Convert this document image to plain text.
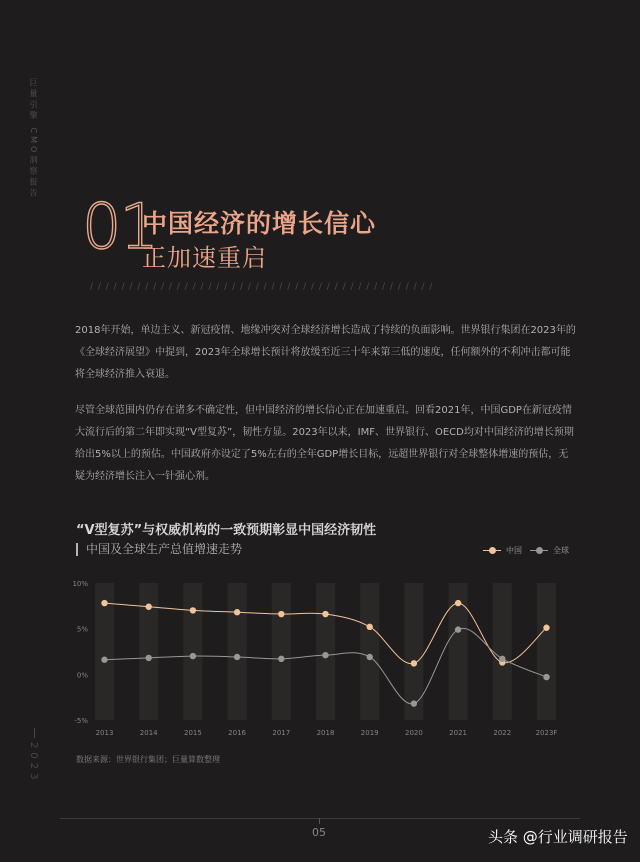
巨量引擎 CMO洞察报告
2023
01
中国经济的增长信心
正加速重启
/ / / / / / / / / / / / / / / / / / / / / / / / / / / / / / / / / / / / / / / / / / / /

2018年开始，单边主义、新冠疫情、地缘冲突对全球经济增长造成了持续的负面影响。世界银行集团在2023年的《全球经济展望》中提到，2023年全球增长预计将放缓至近三十年来第三低的速度，任何额外的不利冲击都可能将全球经济推入衰退。

尽管全球范围内仍存在诸多不确定性，但中国经济的增长信心正在加速重启。回看2021年，中国GDP在新冠疫情大流行后的第二年即实现“V型复苏”，韧性方显。2023年以来，IMF、世界银行、OECD均对中国经济的增长预期给出5%以上的预估。中国政府亦设定了5%左右的全年GDP增长目标，远超世界银行对全球整体增速的预估，无疑为经济增长注入一针强心剂。

“V型复苏”与权威机构的一致预期彰显中国经济韧性
中国及全球生产总值增速走势	中国	全球
10%
5%
0%
-5%
2013	2014	2015	2016	2017	2018	2019	2020	2021	2022	2023F
数据来源：世界银行集团；巨量算数整理
05	头条 @行业调研报告
